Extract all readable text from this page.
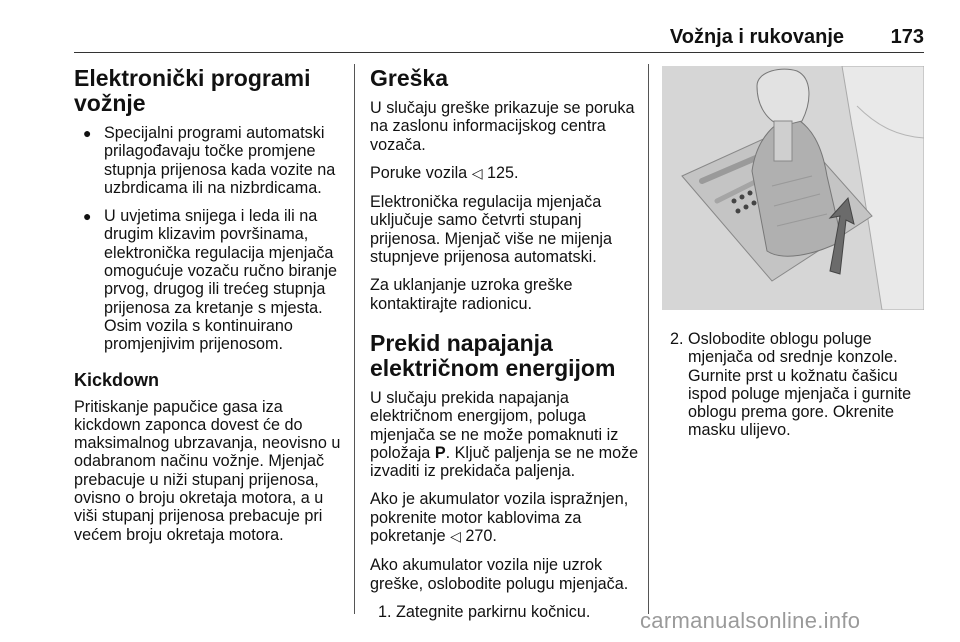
Vožnja i rukovanje 173
Elektronički programi vožnje
● Specijalni programi automatski prilagođavaju točke promjene stupnja prijenosa kada vozite na uzbrdicama ili na nizbrdicama.
● U uvjetima snijega i leda ili na drugim klizavim površinama, elektronička regulacija mjenjača omogućuje vozaču ručno biranje prvog, drugog ili trećeg stupnja prijenosa za kretanje s mjesta. Osim vozila s kontinuirano promjenjivim prijenosom.
Kickdown

Pritiskanje papučice gasa iza kickdown zaponca dovest će do maksimalnog ubrzavanja, neovisno u odabranom načinu vožnje. Mjenjač prebacuje u niži stupanj prijenosa, ovisno o broju okretaja motora, a u viši stupanj prijenosa prebacuje pri većem broju okretaja motora.

Greška

U slučaju greške prikazuje se poruka na zaslonu informacijskog centra vozača.

Poruke vozila ◁ 125.

Elektronička regulacija mjenjača uključuje samo četvrti stupanj prijenosa. Mjenjač više ne mijenja stupnjeve prijenosa automatski.

Za uklanjanje uzroka greške kontaktirajte radionicu.

Prekid napajanja električnom energijom

U slučaju prekida napajanja električnom energijom, poluga mjenjača se ne može pomaknuti iz položaja P. Ključ paljenja se ne može izvaditi iz prekidača paljenja.

Ako je akumulator vozila ispražnjen, pokrenite motor kablovima za pokretanje ◁ 270.

Ako akumulator vozila nije uzrok greške, oslobodite polugu mjenjača.

1. Zategnite parkirnu kočnicu.
2. Oslobodite oblogu poluge mjenjača od srednje konzole. Gurnite prst u kožnatu čašicu ispod poluge mjenjača i gurnite oblogu prema gore. Okrenite masku ulijevo.
carmanualsonline.info
